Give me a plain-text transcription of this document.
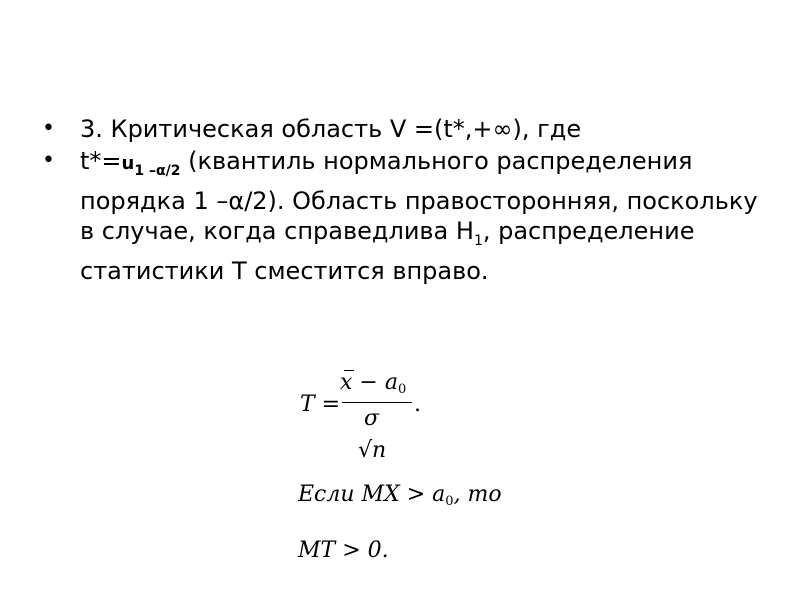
• 3. Критическая область V =(t*,+∞), где
• $t*=u_{1 -\alpha/2}$ (квантиль нормального распределения порядка 1 –α/2). Область правосторонняя, поскольку в случае, когда справедлива $H_1$, распределение статистики T сместится вправо.
T =
x − a0
σ
√n
.
Если MX > a0, то
MT > 0.
